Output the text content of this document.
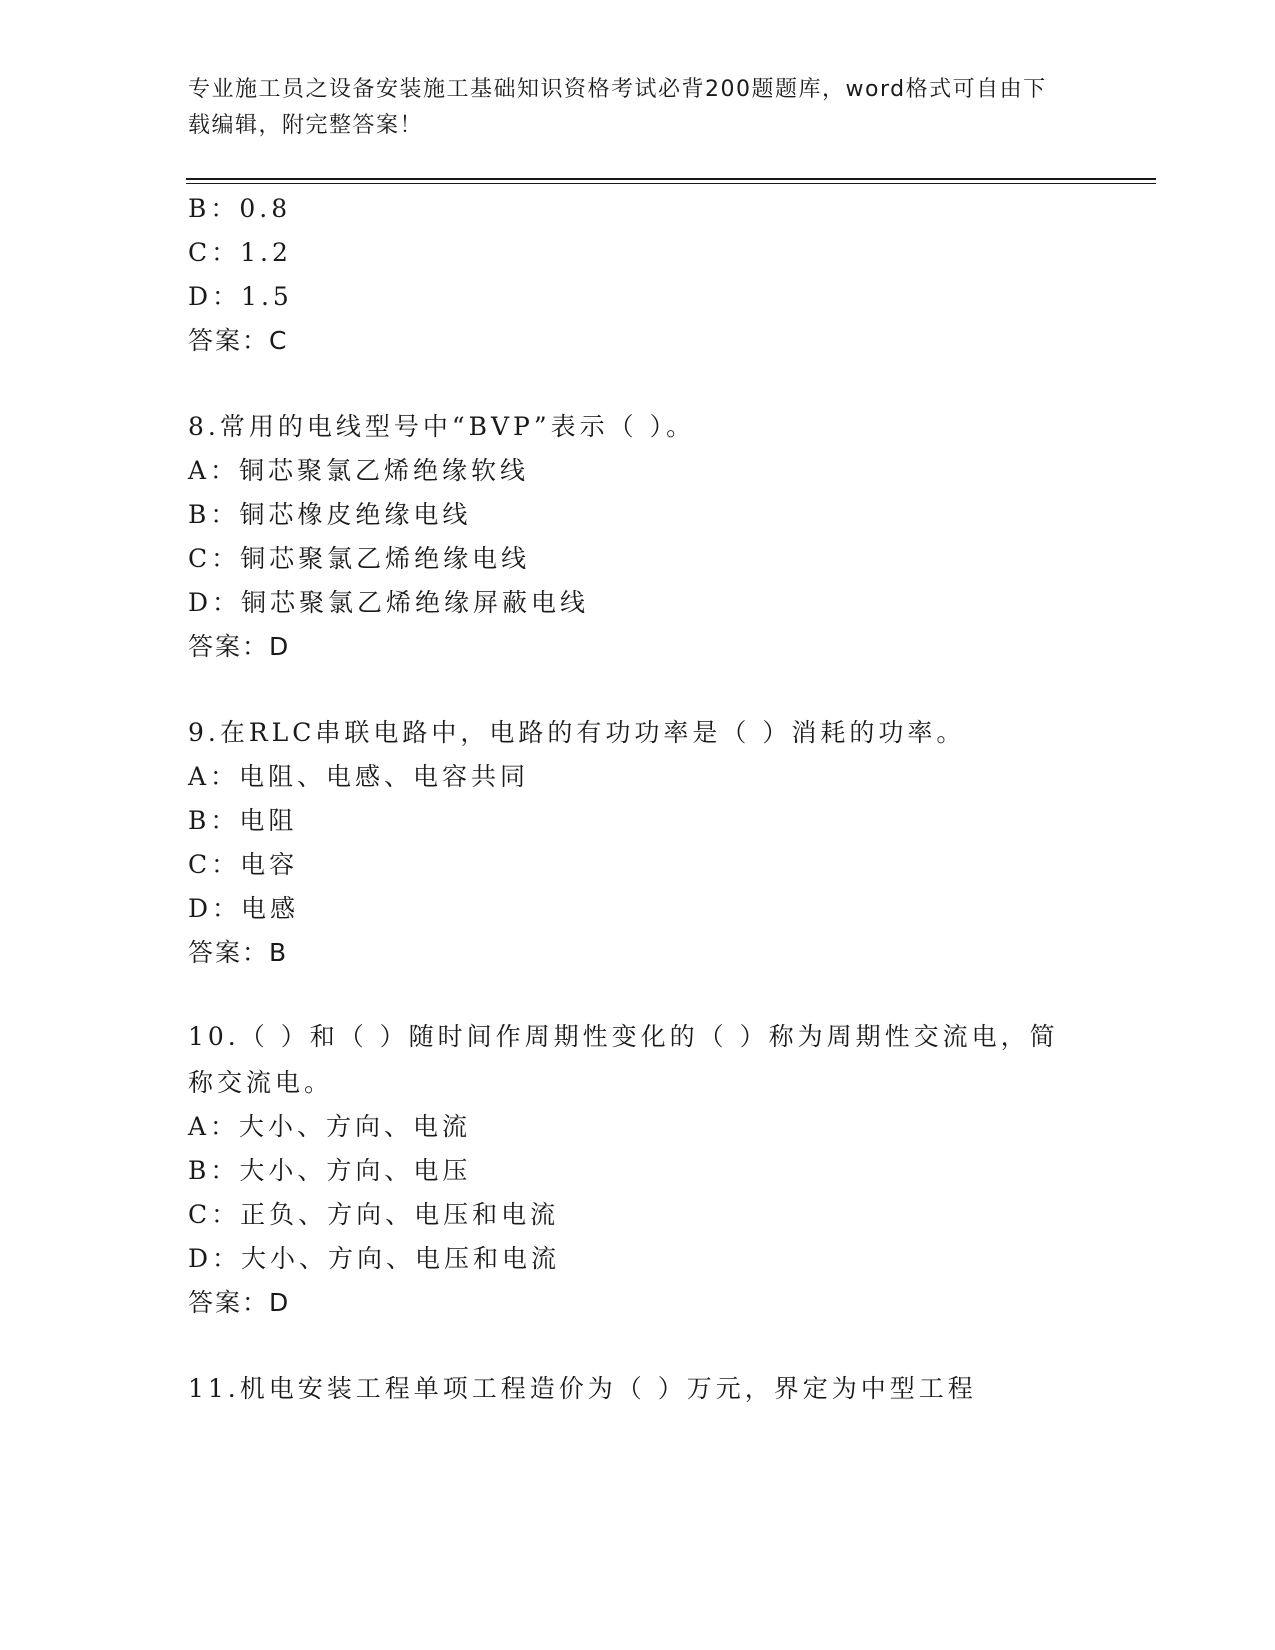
专业施工员之设备安装施工基础知识资格考试必背200题题库，word格式可自由下载编辑，附完整答案！
B：0.8
C：1.2
D：1.5
答案：C
8.常用的电线型号中“BVP”表示（ ）。
A：铜芯聚氯乙烯绝缘软线
B：铜芯橡皮绝缘电线
C：铜芯聚氯乙烯绝缘电线
D：铜芯聚氯乙烯绝缘屏蔽电线
答案：D
9.在RLC串联电路中，电路的有功功率是（ ）消耗的功率。
A：电阻、电感、电容共同
B：电阻
C：电容
D：电感
答案：B
10.（ ）和（ ）随时间作周期性变化的（ ）称为周期性交流电，简称交流电。
A：大小、方向、电流
B：大小、方向、电压
C：正负、方向、电压和电流
D：大小、方向、电压和电流
答案：D
11.机电安装工程单项工程造价为（ ）万元，界定为中型工程
